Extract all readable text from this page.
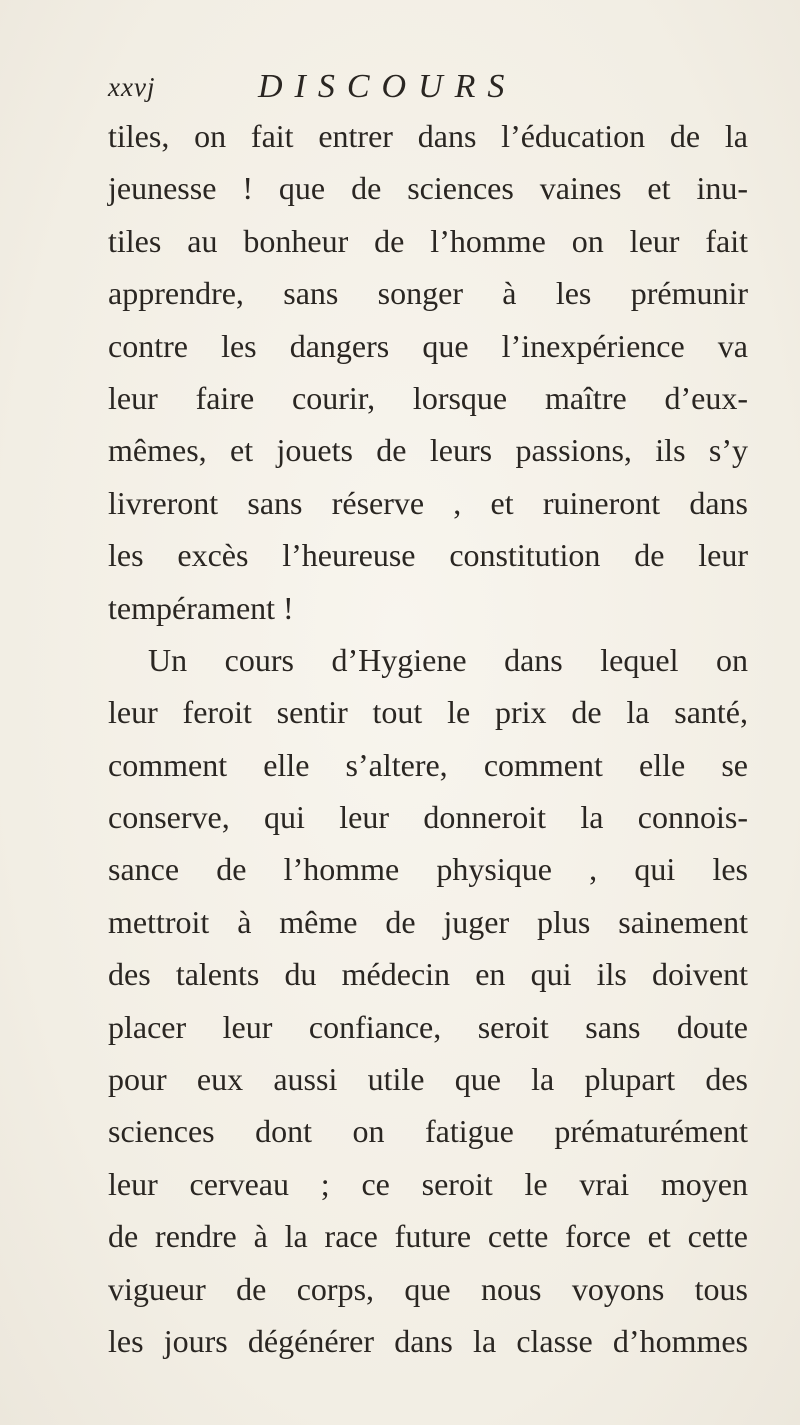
xxvj	DISCOURS
tiles, on fait entrer dans l’éducation de la
jeunesse ! que de sciences vaines et inu-
tiles au bonheur de l’homme on leur fait
apprendre, sans songer à les prémunir
contre les dangers que l’inexpérience va
leur faire courir, lorsque maître d’eux-
mêmes, et jouets de leurs passions, ils s’y
livreront sans réserve , et ruineront dans
les excès l’heureuse constitution de leur
tempérament !
Un cours d’Hygiene dans lequel on
leur feroit sentir tout le prix de la santé,
comment elle s’altere, comment elle se
conserve, qui leur donneroit la connois-
sance de l’homme physique , qui les
mettroit à même de juger plus sainement
des talents du médecin en qui ils doivent
placer leur confiance, seroit sans doute
pour eux aussi utile que la plupart des
sciences dont on fatigue prématurément
leur cerveau ; ce seroit le vrai moyen
de rendre à la race future cette force et cette
vigueur de corps, que nous voyons tous
les jours dégénérer dans la classe d’hommes
